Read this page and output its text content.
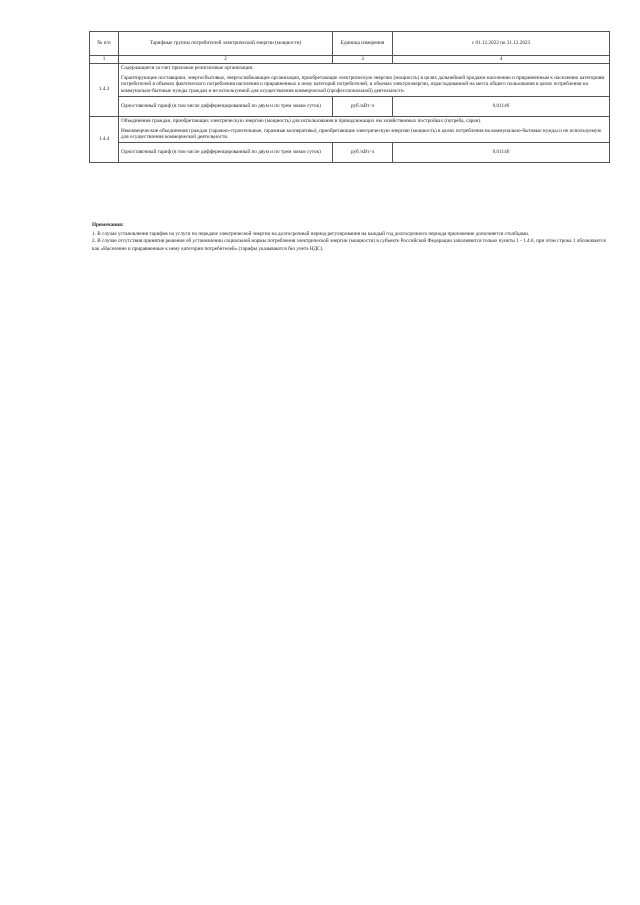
№ п/п	Тарифные группы потребителей электрической энергии (мощности)	Единица измерения	с 01.12.2022 по 31.12.2023
1	2	3	4
1.4.3	Содержащиеся за счет прихожан религиозные организации.

Гарантирующие поставщики, энергосбытовые, энергоснабжающие организации, приобретающие электрическую энергию (мощность) в целях дальнейшей продажи населению и приравненным к населению категориям потребителей в объемах фактического потребления населения и приравненных к нему категорий потребителей, и объемах электроэнергии, израсходованной на места общего пользования в целях потребления на коммунально-бытовые нужды граждан и не используемой для осуществления коммерческой (профессиональной) деятельности.		

	Одноставочный тариф (в том числе дифференцированный по двум и по трем зонам суток)	руб./кВт·ч	0,01146
1.4.4	Объединения граждан, приобретающих электрическую энергию (мощность) для использования в принадлежащих им хозяйственных постройках (погреба, сараи).

Некоммерческие объединения граждан (гаражно-строительные, гаражные кооперативы), приобретающие электрическую энергию (мощность) в целях потребления на коммунально-бытовые нужды и не используемую для осуществления коммерческой деятельности.		

	Одноставочный тариф (в том числе дифференцированный по двум и по трем зонам суток)	руб./кВт·ч	0,01146
Примечания:

1. В случае установления тарифов на услуги по передаче электрической энергии на долгосрочный период регулирования на каждый год долгосрочного периода приложение дополняется столбцами.

2. В случае отсутствия принятия решения об установлении социальной нормы потребления электрической энергии (мощности) в субъекте Российской Федерации заполняются только пункты 1 - 1.4.6, при этом строка 1 обозначается как «Население и приравненные к нему категории потребителей» (тарифы указываются без учета НДС).
